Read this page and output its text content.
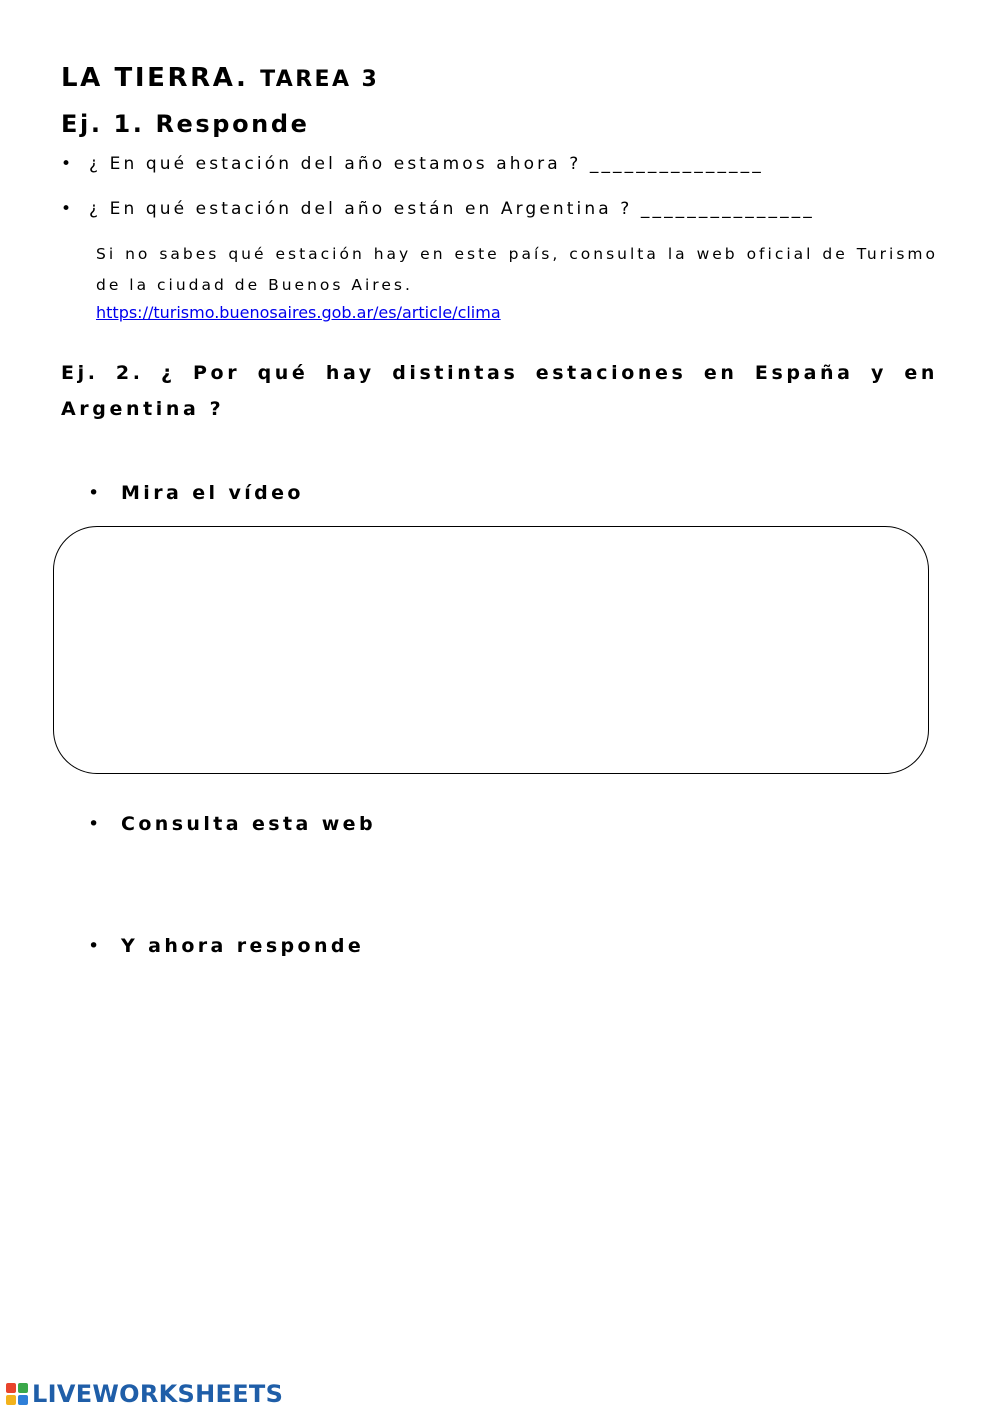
LA TIERRA. TAREA 3
Ej. 1. Responde
• ¿ En qué estación del año estamos ahora ? _______________
• ¿ En qué estación del año están en Argentina ? _______________
Si no sabes qué estación hay en este país, consulta la web oficial de Turismo de la ciudad de Buenos Aires.
https://turismo.buenosaires.gob.ar/es/article/clima
Ej. 2. ¿ Por qué hay distintas estaciones en España y en Argentina ?
• Mira el vídeo
• Consulta esta web
• Y ahora responde
LIVEWORKSHEETS
